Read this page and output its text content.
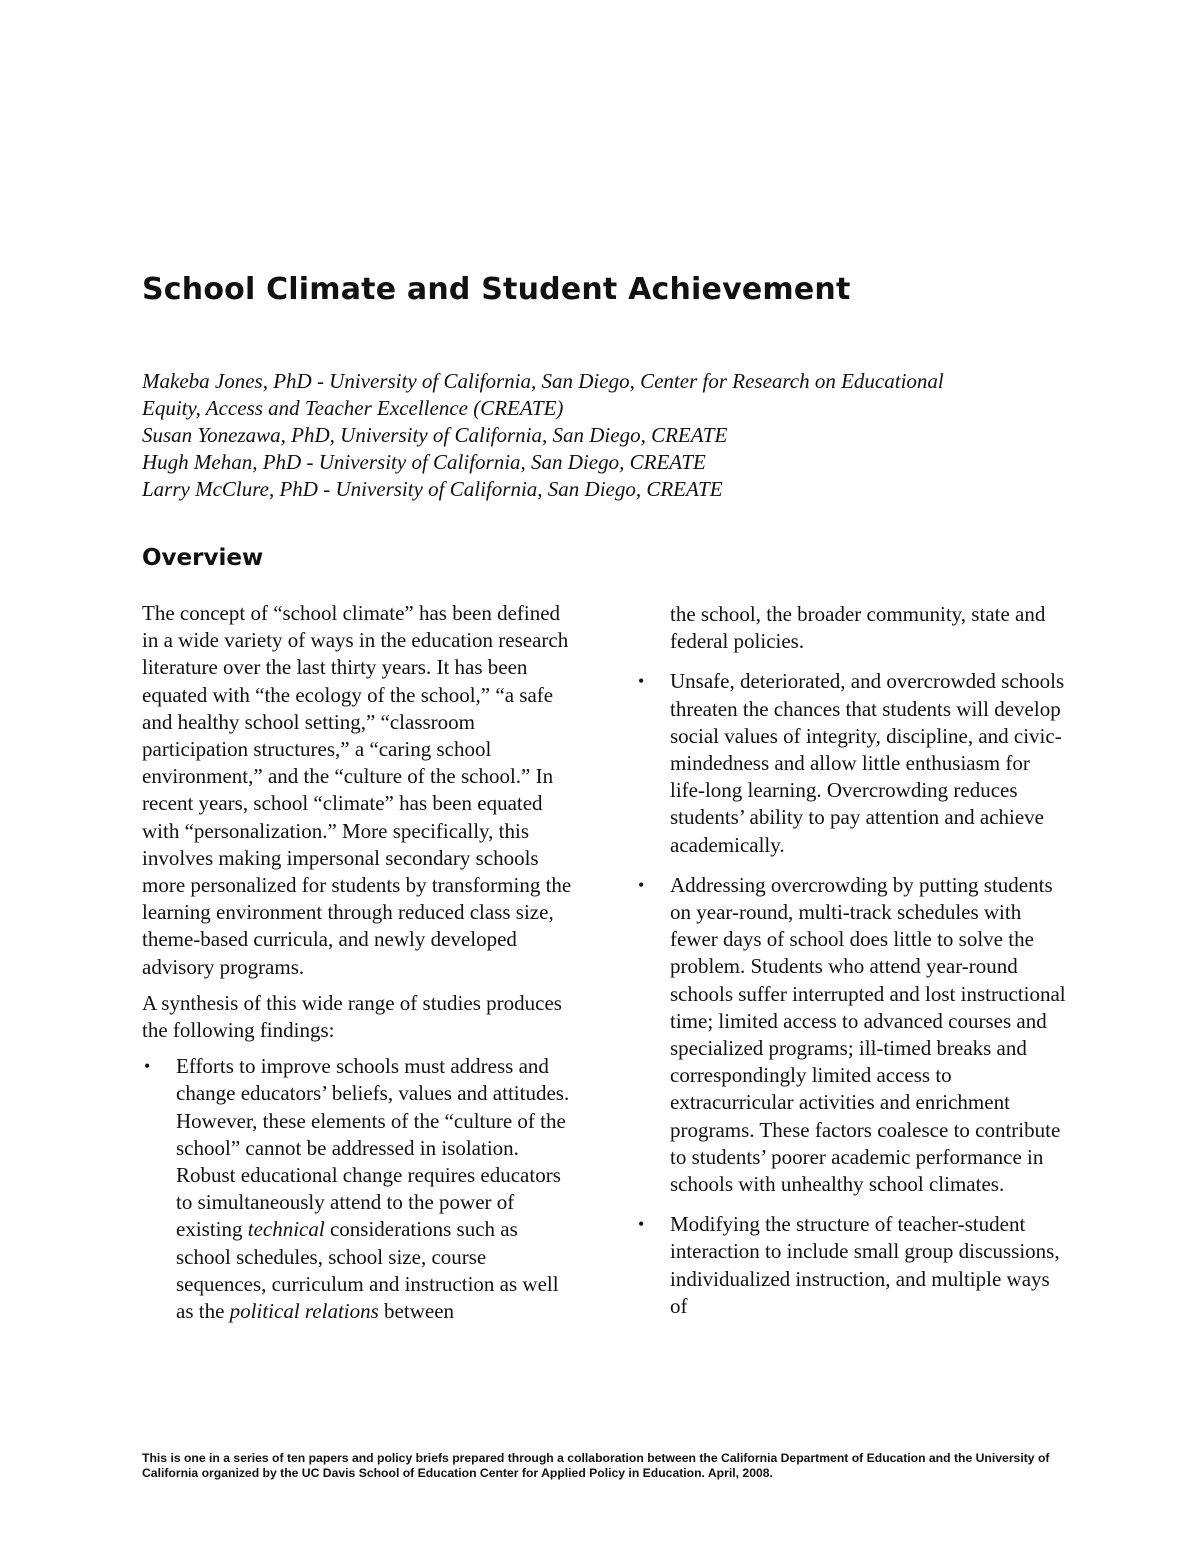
School Climate and Student Achievement
Makeba Jones, PhD - University of California, San Diego, Center for Research on Educational
Equity, Access and Teacher Excellence (CREATE)
Susan Yonezawa, PhD, University of California, San Diego, CREATE
Hugh Mehan, PhD - University of California, San Diego, CREATE
Larry McClure, PhD - University of California, San Diego, CREATE
Overview

The concept of “school climate” has been defined in a wide variety of ways in the education research literature over the last thirty years. It has been equated with “the ecology of the school,” “a safe and healthy school setting,” “classroom participation structures,” a “caring school environment,” and the “culture of the school.” In recent years, school “climate” has been equated with “personalization.” More specifically, this involves making impersonal secondary schools more personalized for students by transforming the learning environment through reduced class size, theme-based curricula, and newly developed advisory programs.

A synthesis of this wide range of studies produces the following findings:

• Efforts to improve schools must address and change educators’ beliefs, values and attitudes. However, these elements of the “culture of the school” cannot be addressed in isolation. Robust educational change requires educators to simultaneously attend to the power of existing technical considerations such as school schedules, school size, course sequences, curriculum and instruction as well as the political relations between
the school, the broader community, state and federal policies.
• Unsafe, deteriorated, and overcrowded schools threaten the chances that students will develop social values of integrity, discipline, and civic-mindedness and allow little enthusiasm for life-long learning. Overcrowding reduces students’ ability to pay attention and achieve academically.
• Addressing overcrowding by putting students on year-round, multi-track schedules with fewer days of school does little to solve the problem. Students who attend year-round schools suffer interrupted and lost instructional time; limited access to advanced courses and specialized programs; ill-timed breaks and correspondingly limited access to extracurricular activities and enrichment programs. These factors coalesce to contribute to students’ poorer academic performance in schools with unhealthy school climates.
• Modifying the structure of teacher-student interaction to include small group discussions, individualized instruction, and multiple ways of

This is one in a series of ten papers and policy briefs prepared through a collaboration between the California Department of Education and the University of California organized by the UC Davis School of Education Center for Applied Policy in Education. April, 2008.
